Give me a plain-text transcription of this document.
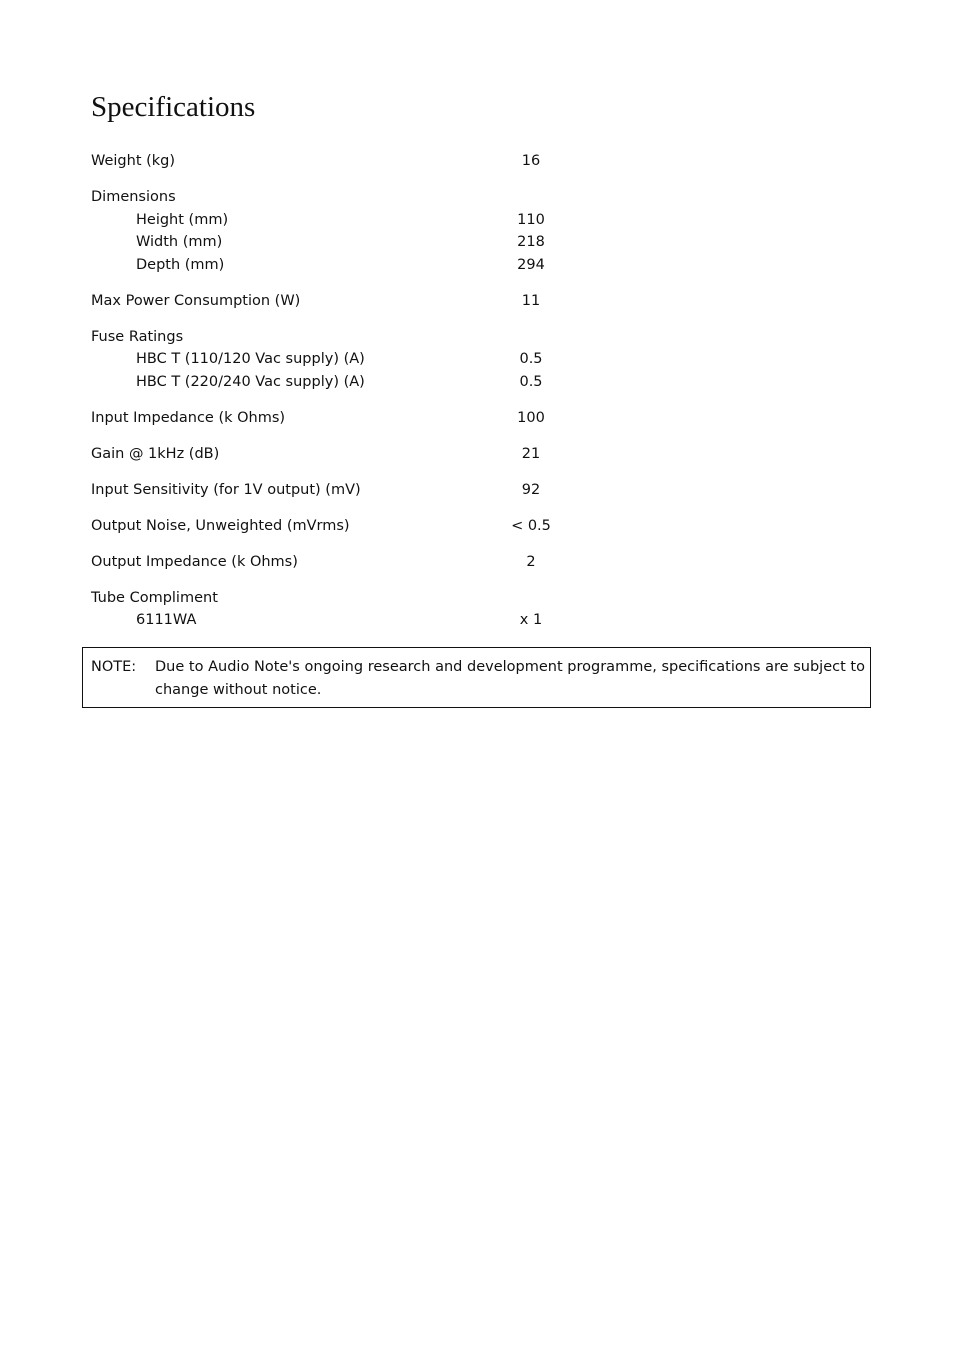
Specifications
Weight (kg)	16
Dimensions
Height (mm)	110
Width (mm)	218
Depth (mm)	294
Max Power Consumption (W)	11
Fuse Ratings
HBC T (110/120 Vac supply) (A)	0.5
HBC T (220/240 Vac supply) (A)	0.5
Input Impedance (k Ohms)	100
Gain @ 1kHz (dB)	21
Input Sensitivity (for 1V output) (mV)	92
Output Noise, Unweighted (mVrms)	< 0.5
Output Impedance (k Ohms)	2
Tube Compliment
6111WA	x 1
NOTE: Due to Audio Note's ongoing research and development programme, specifications are subject to change without notice.
